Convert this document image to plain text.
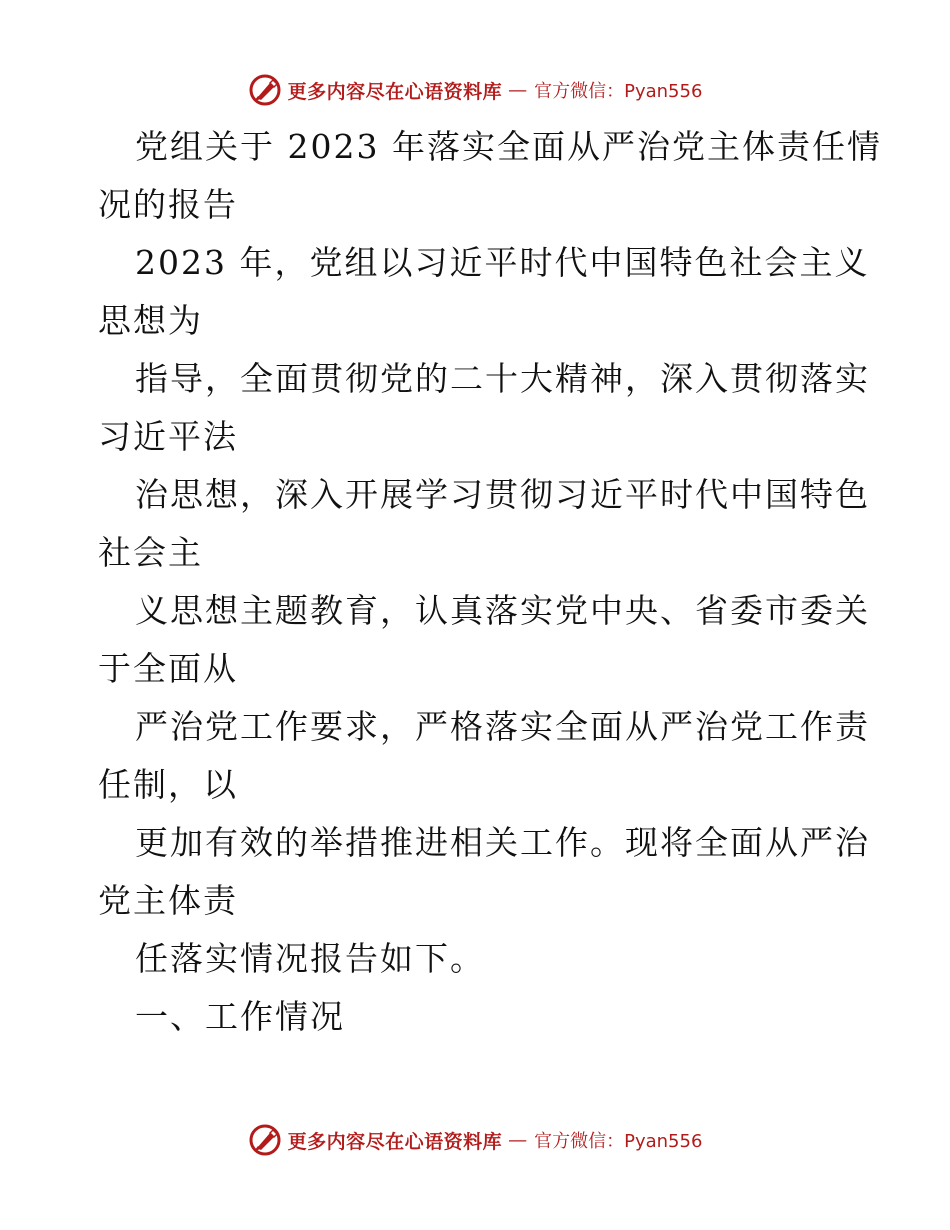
更多内容尽在心语资料库 — 官方微信：Pyan556
党组关于 2023 年落实全面从严治党主体责任情
况的报告
2023 年，党组以习近平时代中国特色社会主义
思想为
指导，全面贯彻党的二十大精神，深入贯彻落实
习近平法
治思想，深入开展学习贯彻习近平时代中国特色
社会主
义思想主题教育，认真落实党中央、省委市委关
于全面从
严治党工作要求，严格落实全面从严治党工作责
任制，以
更加有效的举措推进相关工作。现将全面从严治
党主体责
任落实情况报告如下。
一、工作情况
更多内容尽在心语资料库 — 官方微信：Pyan556
